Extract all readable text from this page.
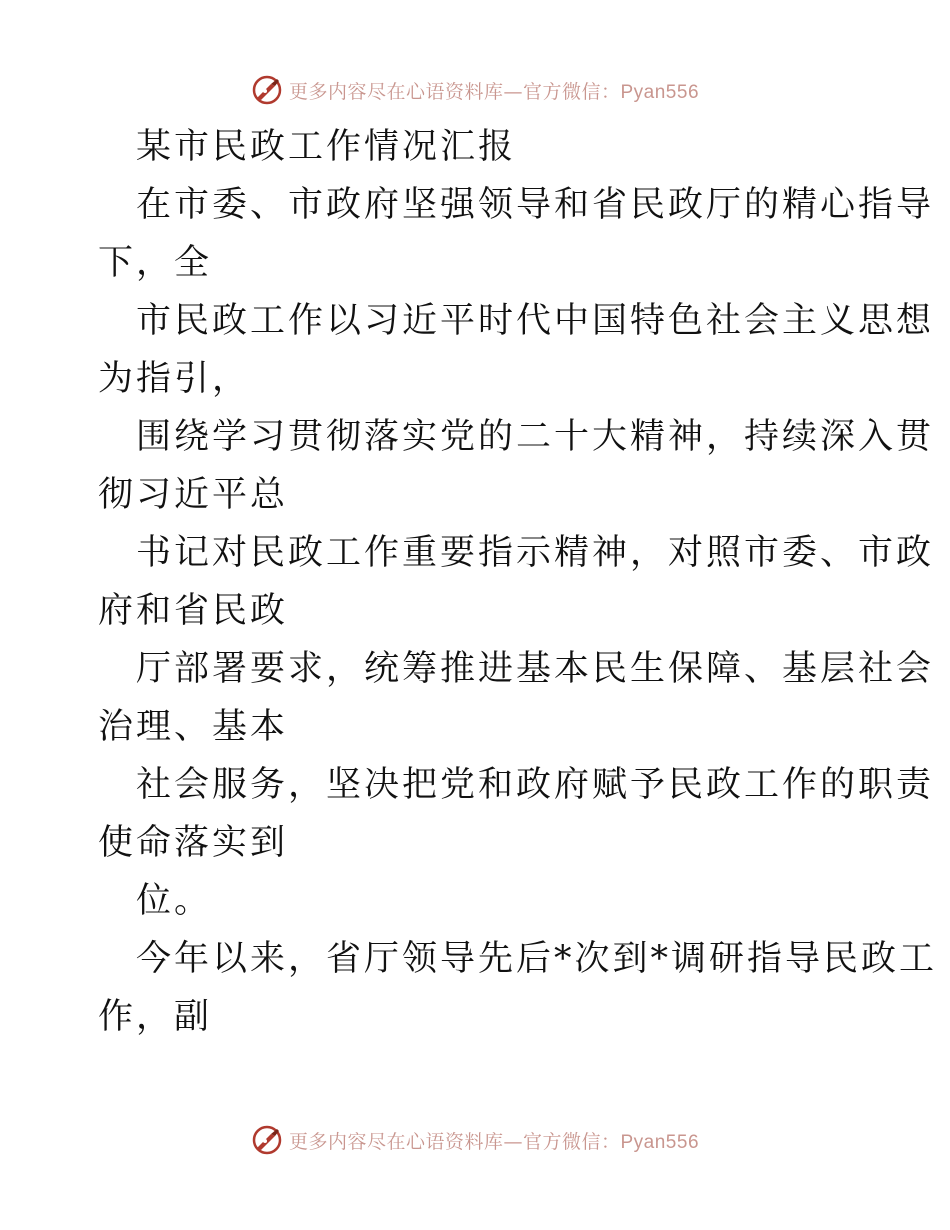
更多内容尽在心语资料库—官方微信：Pyan556
某市民政工作情况汇报
在市委、市政府坚强领导和省民政厅的精心指导
下，全
市民政工作以习近平时代中国特色社会主义思想
为指引，
围绕学习贯彻落实党的二十大精神，持续深入贯
彻习近平总
书记对民政工作重要指示精神，对照市委、市政
府和省民政
厅部署要求，统筹推进基本民生保障、基层社会
治理、基本
社会服务，坚决把党和政府赋予民政工作的职责
使命落实到
位。
今年以来，省厅领导先后*次到*调研指导民政工
作，副
更多内容尽在心语资料库—官方微信：Pyan556
